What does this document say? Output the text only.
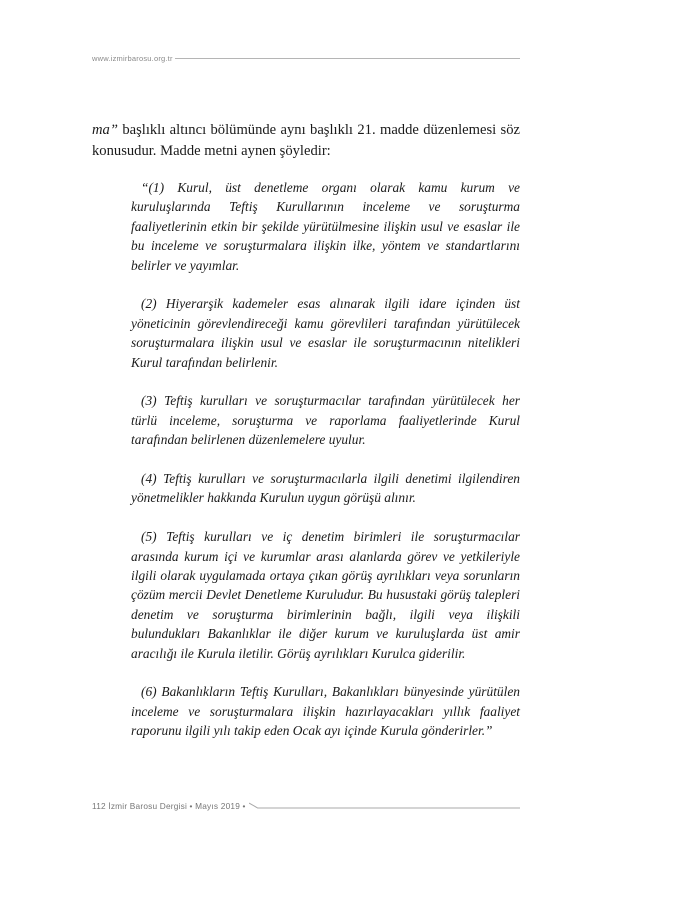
www.izmirbarosu.org.tr
ma” başlıklı altıncı bölümünde aynı başlıklı 21. madde düzenlemesi söz konusudur. Madde metni aynen şöyledir:

“(1) Kurul, üst denetleme organı olarak kamu kurum ve kuruluşlarında Teftiş Kurullarının inceleme ve soruşturma faaliyetlerinin etkin bir şekilde yürütülmesine ilişkin usul ve esaslar ile bu inceleme ve soruşturmalara ilişkin ilke, yöntem ve standartlarını belirler ve yayımlar.

(2) Hiyerarşik kademeler esas alınarak ilgili idare içinden üst yöneticinin görevlendireceği kamu görevlileri tarafından yürütülecek soruşturmalara ilişkin usul ve esaslar ile soruşturmacının nitelikleri Kurul tarafından belirlenir.

(3) Teftiş kurulları ve soruşturmacılar tarafından yürütülecek her türlü inceleme, soruşturma ve raporlama faaliyetlerinde Kurul tarafından belirlenen düzenlemelere uyulur.

(4) Teftiş kurulları ve soruşturmacılarla ilgili denetimi ilgilendiren yönetmelikler hakkında Kurulun uygun görüşü alınır.

(5) Teftiş kurulları ve iç denetim birimleri ile soruşturmacılar arasında kurum içi ve kurumlar arası alanlarda görev ve yetkileriyle ilgili olarak uygulamada ortaya çıkan görüş ayrılıkları veya sorunların çözüm mercii Devlet Denetleme Kuruludur. Bu husustaki görüş talepleri denetim ve soruşturma birimlerinin bağlı, ilgili veya ilişkili bulundukları Bakanlıklar ile diğer kurum ve kuruluşlarda üst amir aracılığı ile Kurula iletilir. Görüş ayrılıkları Kurulca giderilir.

(6) Bakanlıkların Teftiş Kurulları, Bakanlıkları bünyesinde yürütülen inceleme ve soruşturmalara ilişkin hazırlayacakları yıllık faaliyet raporunu ilgili yılı takip eden Ocak ayı içinde Kurula gönderirler.”

112 İzmir Barosu Dergisi • Mayıs 2019 •
